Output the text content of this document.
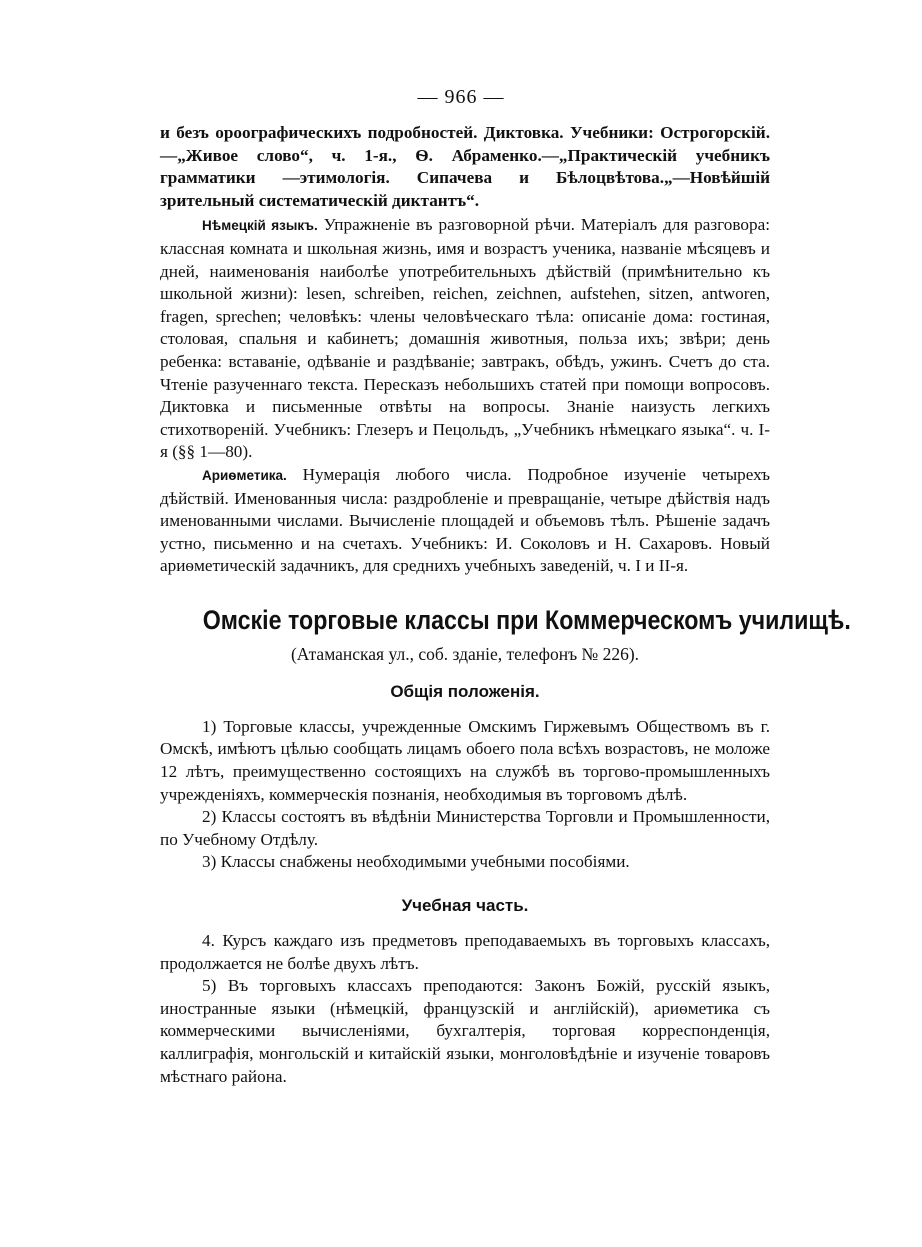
— 966 —

и безъ ороографическихъ подробностей. Диктовка. Учебники: Острогорскій.—„Живое слово“, ч. 1-я., Ѳ. Абраменко.—„Практическій учебникъ грамматики —этимологія. Сипачева и Бѣлоцвѣтова.„—Новѣйшій зрительный систематическій диктантъ“.

Нѣмецкій языкъ. Упражненіе въ разговорной рѣчи. Матеріалъ для разговора: классная комната и школьная жизнь, имя и возрастъ ученика, названіе мѣсяцевъ и дней, наименованія наиболѣе употребительныхъ дѣйствій (примѣнительно къ школьной жизни): lesen, schreiben, reichen, zeichnen, aufstehen, sitzen, antworen, fragen, sprechen; человѣкъ: члены человѣческаго тѣла: описаніе дома: гостиная, столовая, спальня и кабинетъ; домашнія животныя, польза ихъ; звѣри; день ребенка: вставаніе, одѣваніе и раздѣваніе; завтракъ, обѣдъ, ужинъ. Счетъ до ста. Чтеніе разученнаго текста. Пересказъ небольшихъ статей при помощи вопросовъ. Диктовка и письменные отвѣты на вопросы. Знаніе наизусть легкихъ стихотвореній. Учебникъ: Глезеръ и Пецольдъ, „Учебникъ нѣмецкаго языка“. ч. I-я (§§ 1—80).

Ариѳметика. Нумерація любого числа. Подробное изученіе четырехъ дѣйствій. Именованныя числа: раздробленіе и превращаніе, четыре дѣйствія надъ именованными числами. Вычисленіе площадей и объемовъ тѣлъ. Рѣшеніе задачъ устно, письменно и на счетахъ. Учебникъ: И. Соколовъ и Н. Сахаровъ. Новый ариѳметическій задачникъ, для среднихъ учебныхъ заведеній, ч. I и II-я.

Омскіе торговые классы при Коммерческомъ училищѣ.
(Атаманская ул., соб. зданіе, телефонъ № 226).
Общія положенія.

1) Торговые классы, учрежденные Омскимъ Гиржевымъ Обществомъ въ г. Омскѣ, имѣютъ цѣлью сообщать лицамъ обоего пола всѣхъ возрастовъ, не моложе 12 лѣтъ, преимущественно состоящихъ на службѣ въ торгово-промышленныхъ учрежденіяхъ, коммерческія познанія, необходимыя въ торговомъ дѣлѣ.

2) Классы состоятъ въ вѣдѣніи Министерства Торговли и Промышленности, по Учебному Отдѣлу.

3) Классы снабжены необходимыми учебными пособіями.

Учебная часть.

4. Курсъ каждаго изъ предметовъ преподаваемыхъ въ торговыхъ классахъ, продолжается не болѣе двухъ лѣтъ.

5) Въ торговыхъ классахъ преподаются: Законъ Божій, русскій языкъ, иностранные языки (нѣмецкій, французскій и англійскій), ариѳметика съ коммерческими вычисленіями, бухгалтерія, торговая корреспонденція, каллиграфія, монгольскій и китайскій языки, монголовѣдѣніе и изученіе товаровъ мѣстнаго района.
